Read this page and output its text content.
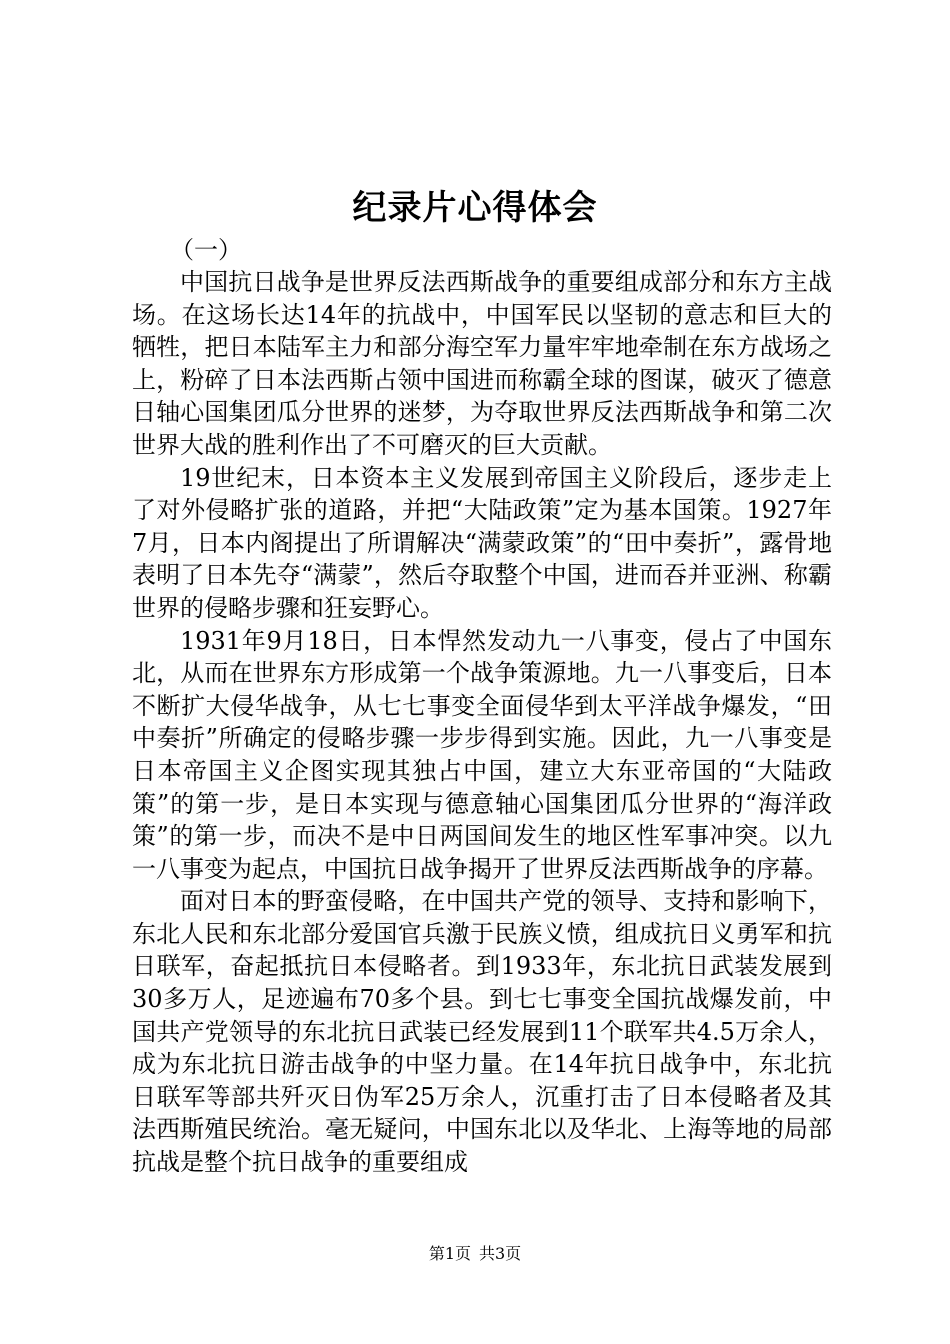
纪录片心得体会
（一）

中国抗日战争是世界反法西斯战争的重要组成部分和东方主战场。在这场长达14年的抗战中，中国军民以坚韧的意志和巨大的牺牲，把日本陆军主力和部分海空军力量牢牢地牵制在东方战场之上，粉碎了日本法西斯占领中国进而称霸全球的图谋，破灭了德意日轴心国集团瓜分世界的迷梦，为夺取世界反法西斯战争和第二次世界大战的胜利作出了不可磨灭的巨大贡献。

19世纪末，日本资本主义发展到帝国主义阶段后，逐步走上了对外侵略扩张的道路，并把“大陆政策”定为基本国策。1927年7月，日本内阁提出了所谓解决“满蒙政策”的“田中奏折”，露骨地表明了日本先夺“满蒙”，然后夺取整个中国，进而吞并亚洲、称霸世界的侵略步骤和狂妄野心。

1931年9月18日，日本悍然发动九一八事变，侵占了中国东北，从而在世界东方形成第一个战争策源地。九一八事变后，日本不断扩大侵华战争，从七七事变全面侵华到太平洋战争爆发，“田中奏折”所确定的侵略步骤一步步得到实施。因此，九一八事变是日本帝国主义企图实现其独占中国，建立大东亚帝国的“大陆政策”的第一步，是日本实现与德意轴心国集团瓜分世界的“海洋政策”的第一步，而决不是中日两国间发生的地区性军事冲突。以九一八事变为起点，中国抗日战争揭开了世界反法西斯战争的序幕。

面对日本的野蛮侵略，在中国共产党的领导、支持和影响下，东北人民和东北部分爱国官兵激于民族义愤，组成抗日义勇军和抗日联军，奋起抵抗日本侵略者。到1933年，东北抗日武装发展到30多万人，足迹遍布70多个县。到七七事变全国抗战爆发前，中国共产党领导的东北抗日武装已经发展到11个联军共4.5万余人，成为东北抗日游击战争的中坚力量。在14年抗日战争中，东北抗日联军等部共歼灭日伪军25万余人，沉重打击了日本侵略者及其法西斯殖民统治。毫无疑问，中国东北以及华北、上海等地的局部抗战是整个抗日战争的重要组成

第1页 共3页
